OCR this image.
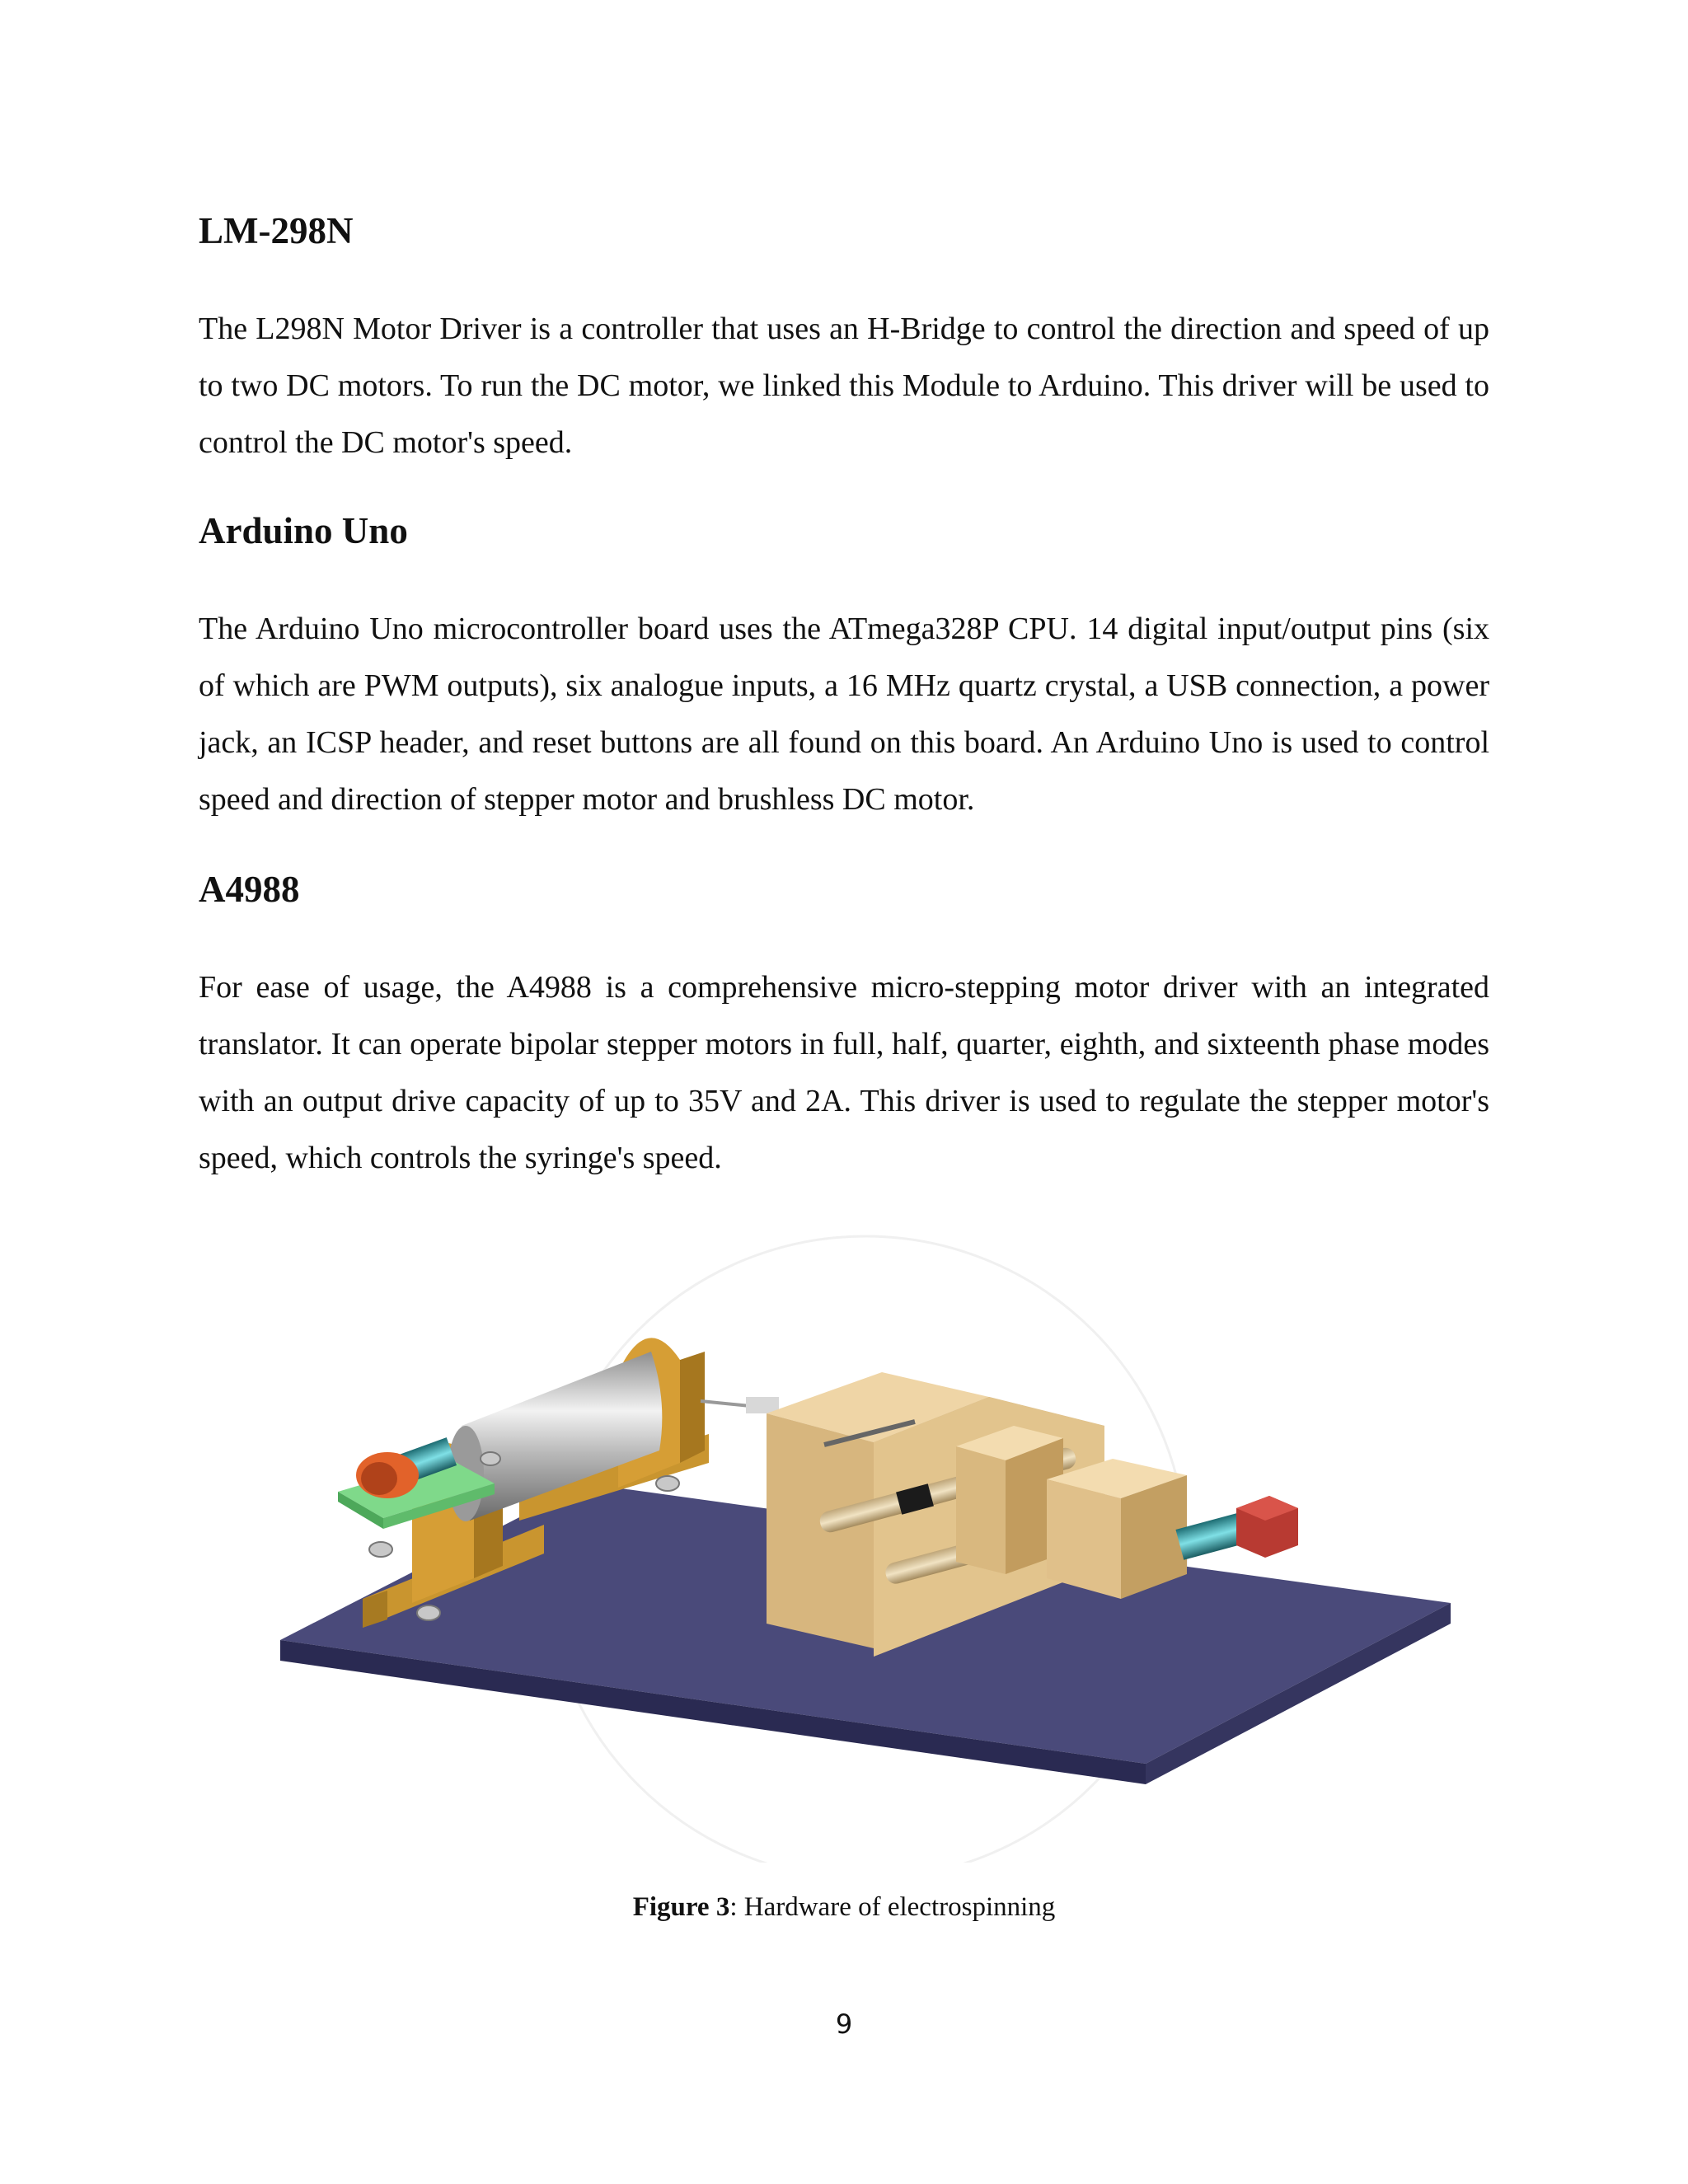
LM-298N

The L298N Motor Driver is a controller that uses an H-Bridge to control the direction and speed of up to two DC motors. To run the DC motor, we linked this Module to Arduino. This driver will be used to control the DC motor's speed.

Arduino Uno

The Arduino Uno microcontroller board uses the ATmega328P CPU. 14 digital input/output pins (six of which are PWM outputs), six analogue inputs, a 16 MHz quartz crystal, a USB connection, a power jack, an ICSP header, and reset buttons are all found on this board. An Arduino Uno is used to control speed and direction of stepper motor and brushless DC motor.

A4988

For ease of usage, the A4988 is a comprehensive micro-stepping motor driver with an integrated translator. It can operate bipolar stepper motors in full, half, quarter, eighth, and sixteenth phase modes with an output drive capacity of up to 35V and 2A. This driver is used to regulate the stepper motor's speed, which controls the syringe's speed.

Figure 3: Hardware of electrospinning
9
